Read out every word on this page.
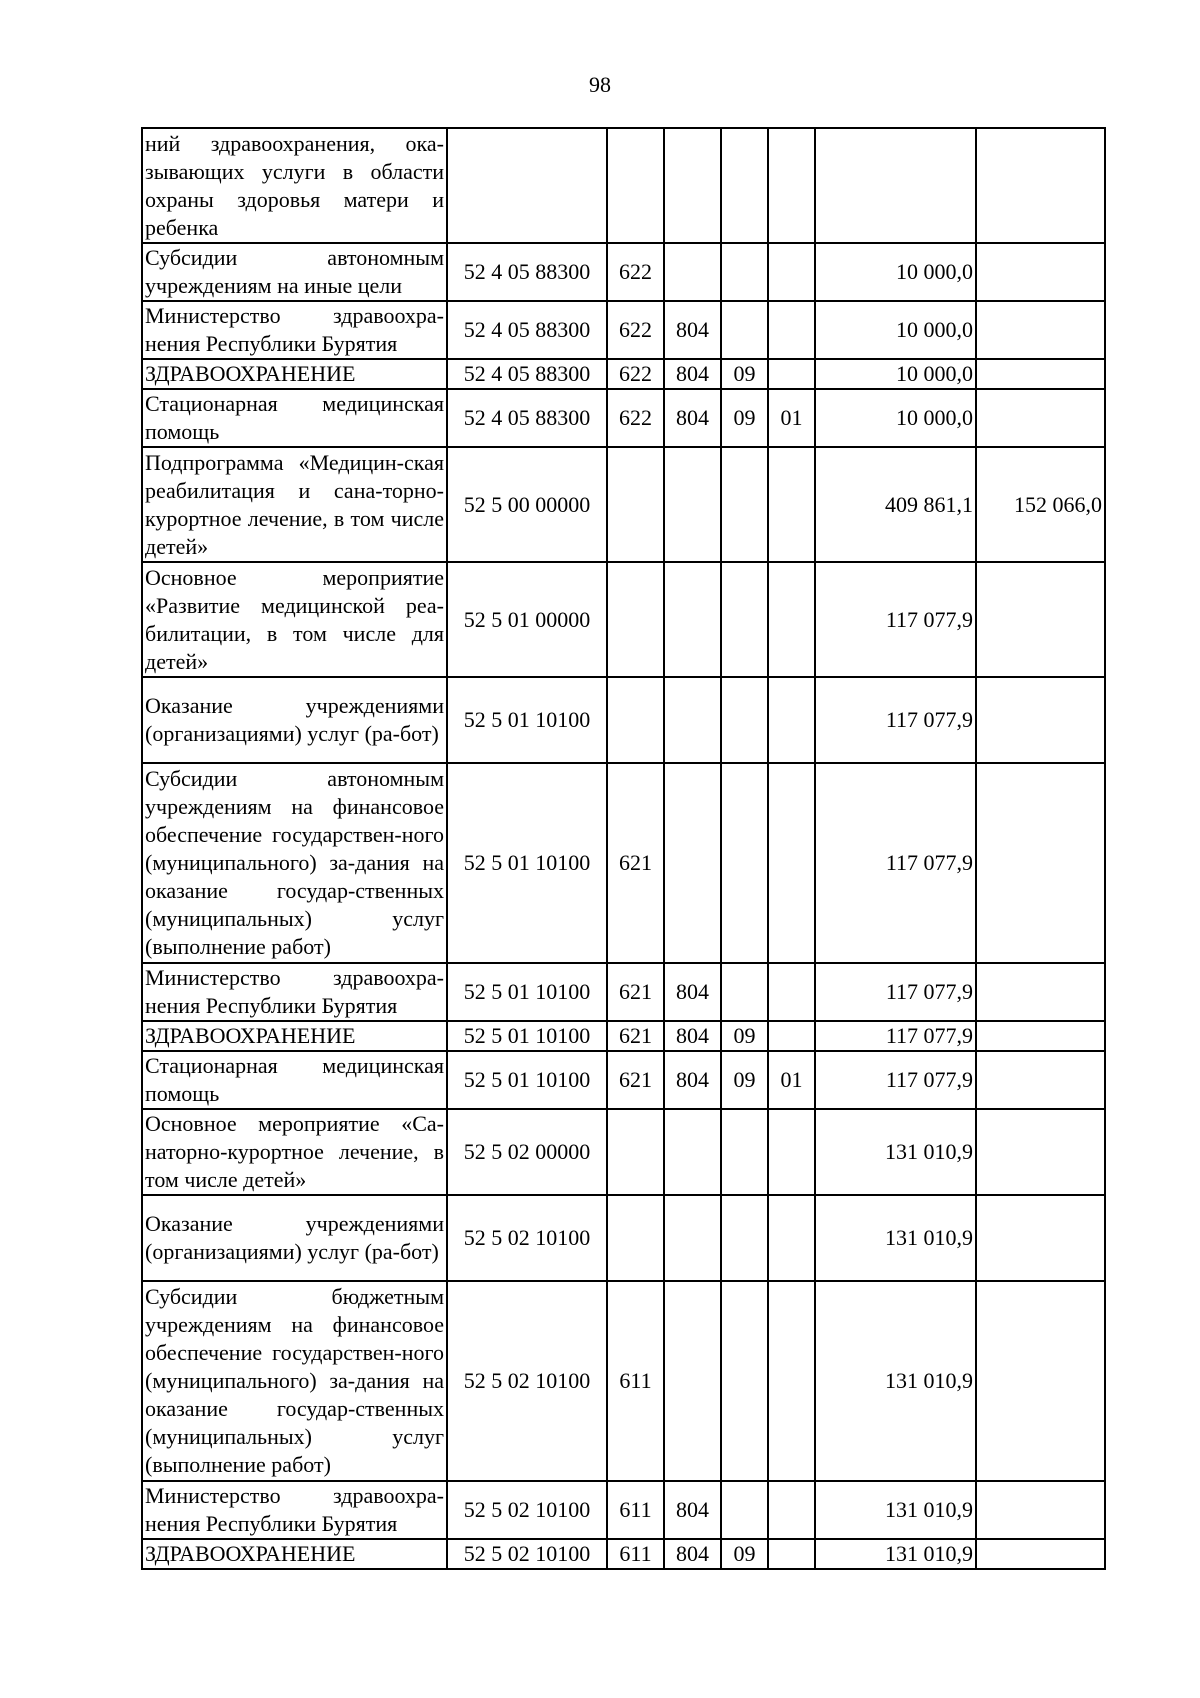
98
ний здравоохранения, ока-зывающих услуги в области охраны здоровья матери и ребенка							
Субсидии автономным учреждениям на иные цели	52 4 05 88300	622				10 000,0	
Министерство здравоохра-нения Республики Бурятия	52 4 05 88300	622	804			10 000,0	
ЗДРАВООХРАНЕНИЕ	52 4 05 88300	622	804	09		10 000,0	
Стационарная медицинская помощь	52 4 05 88300	622	804	09	01	10 000,0	
Подпрограмма «Медицин-ская реабилитация и сана-торно-курортное лечение, в том числе детей»	52 5 00 00000					409 861,1	152 066,0
Основное мероприятие «Развитие медицинской реа-билитации, в том числе для детей»	52 5 01 00000					117 077,9	
Оказание учреждениями (организациями) услуг (ра-бот)	52 5 01 10100					117 077,9	
Субсидии автономным учреждениям на финансовое обеспечение государствен-ного (муниципального) за-дания на оказание государ-ственных (муниципальных) услуг (выполнение работ)	52 5 01 10100	621				117 077,9	
Министерство здравоохра-нения Республики Бурятия	52 5 01 10100	621	804			117 077,9	
ЗДРАВООХРАНЕНИЕ	52 5 01 10100	621	804	09		117 077,9	
Стационарная медицинская помощь	52 5 01 10100	621	804	09	01	117 077,9	
Основное мероприятие «Са-наторно-курортное лечение, в том числе детей»	52 5 02 00000					131 010,9	
Оказание учреждениями (организациями) услуг (ра-бот)	52 5 02 10100					131 010,9	
Субсидии бюджетным учреждениям на финансовое обеспечение государствен-ного (муниципального) за-дания на оказание государ-ственных (муниципальных) услуг (выполнение работ)	52 5 02 10100	611				131 010,9	
Министерство здравоохра-нения Республики Бурятия	52 5 02 10100	611	804			131 010,9	
ЗДРАВООХРАНЕНИЕ	52 5 02 10100	611	804	09		131 010,9	
